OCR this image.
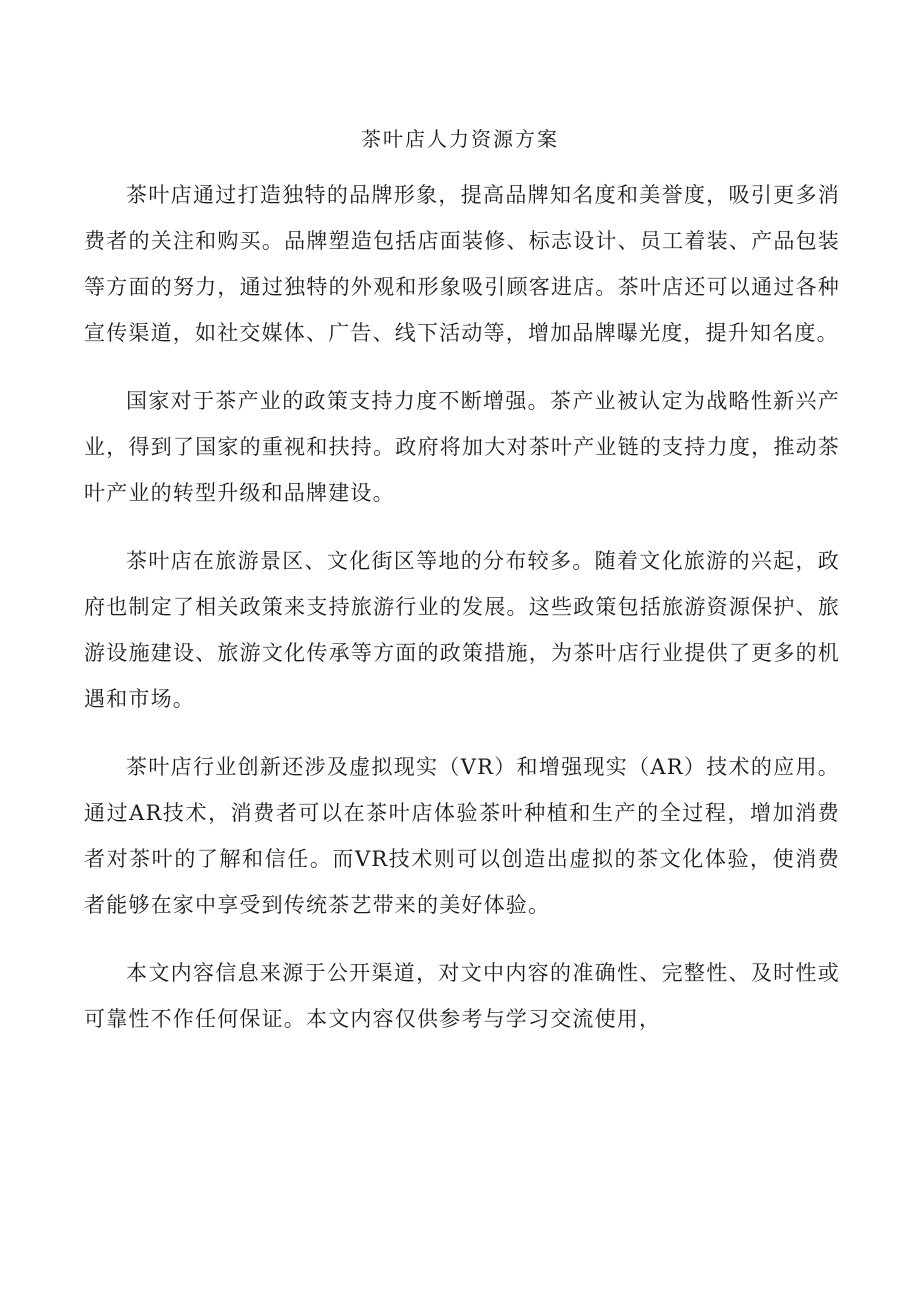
茶叶店人力资源方案

茶叶店通过打造独特的品牌形象，提高品牌知名度和美誉度，吸引更多消费者的关注和购买。品牌塑造包括店面装修、标志设计、员工着装、产品包装等方面的努力，通过独特的外观和形象吸引顾客进店。茶叶店还可以通过各种宣传渠道，如社交媒体、广告、线下活动等，增加品牌曝光度，提升知名度。

国家对于茶产业的政策支持力度不断增强。茶产业被认定为战略性新兴产业，得到了国家的重视和扶持。政府将加大对茶叶产业链的支持力度，推动茶叶产业的转型升级和品牌建设。

茶叶店在旅游景区、文化街区等地的分布较多。随着文化旅游的兴起，政府也制定了相关政策来支持旅游行业的发展。这些政策包括旅游资源保护、旅游设施建设、旅游文化传承等方面的政策措施，为茶叶店行业提供了更多的机遇和市场。

茶叶店行业创新还涉及虚拟现实（VR）和增强现实（AR）技术的应用。通过AR技术，消费者可以在茶叶店体验茶叶种植和生产的全过程，增加消费者对茶叶的了解和信任。而VR技术则可以创造出虚拟的茶文化体验，使消费者能够在家中享受到传统茶艺带来的美好体验。

本文内容信息来源于公开渠道，对文中内容的准确性、完整性、及时性或可靠性不作任何保证。本文内容仅供参考与学习交流使用，
